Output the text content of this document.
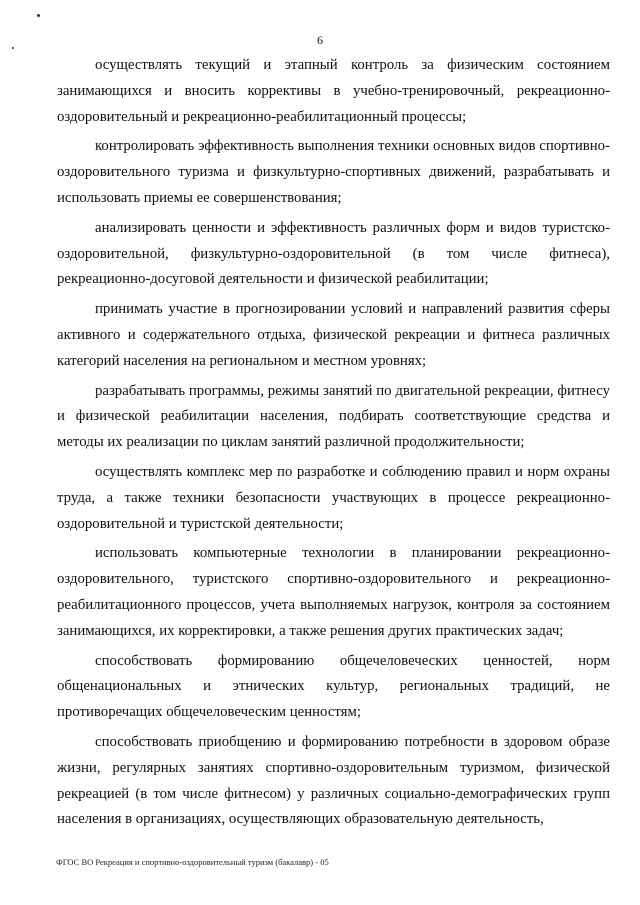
6

осуществлять текущий и этапный контроль за физическим состоянием занимающихся и вносить коррективы в учебно-тренировочный, рекреационно-оздоровительный и рекреационно-реабилитационный процессы;

контролировать эффективность выполнения техники основных видов спортивно-оздоровительного туризма и физкультурно-спортивных движений, разрабатывать и использовать приемы ее совершенствования;

анализировать ценности и эффективность различных форм и видов туристско-оздоровительной, физкультурно-оздоровительной (в том числе фитнеса), рекреационно-досуговой деятельности и физической реабилитации;

принимать участие в прогнозировании условий и направлений развития сферы активного и содержательного отдыха, физической рекреации и фитнеса различных категорий населения на региональном и местном уровнях;

разрабатывать программы, режимы занятий по двигательной рекреации, фитнесу и физической реабилитации населения, подбирать соответствующие средства и методы их реализации по циклам занятий различной продолжительности;

осуществлять комплекс мер по разработке и соблюдению правил и норм охраны труда, а также техники безопасности участвующих в процессе рекреационно-оздоровительной и туристской деятельности;

использовать компьютерные технологии в планировании рекреационно-оздоровительного, туристского спортивно-оздоровительного и рекреационно-реабилитационного процессов, учета выполняемых нагрузок, контроля за состоянием занимающихся, их корректировки, а также решения других практических задач;

способствовать формированию общечеловеческих ценностей, норм общенациональных и этнических культур, региональных традиций, не противоречащих общечеловеческим ценностям;

способствовать приобщению и формированию потребности в здоровом образе жизни, регулярных занятиях спортивно-оздоровительным туризмом, физической рекреацией (в том числе фитнесом) у различных социально-демографических групп населения в организациях, осуществляющих образовательную деятельность,

ФГОС ВО Рекреация и спортивно-оздоровительный туризм (бакалавр) - 05
